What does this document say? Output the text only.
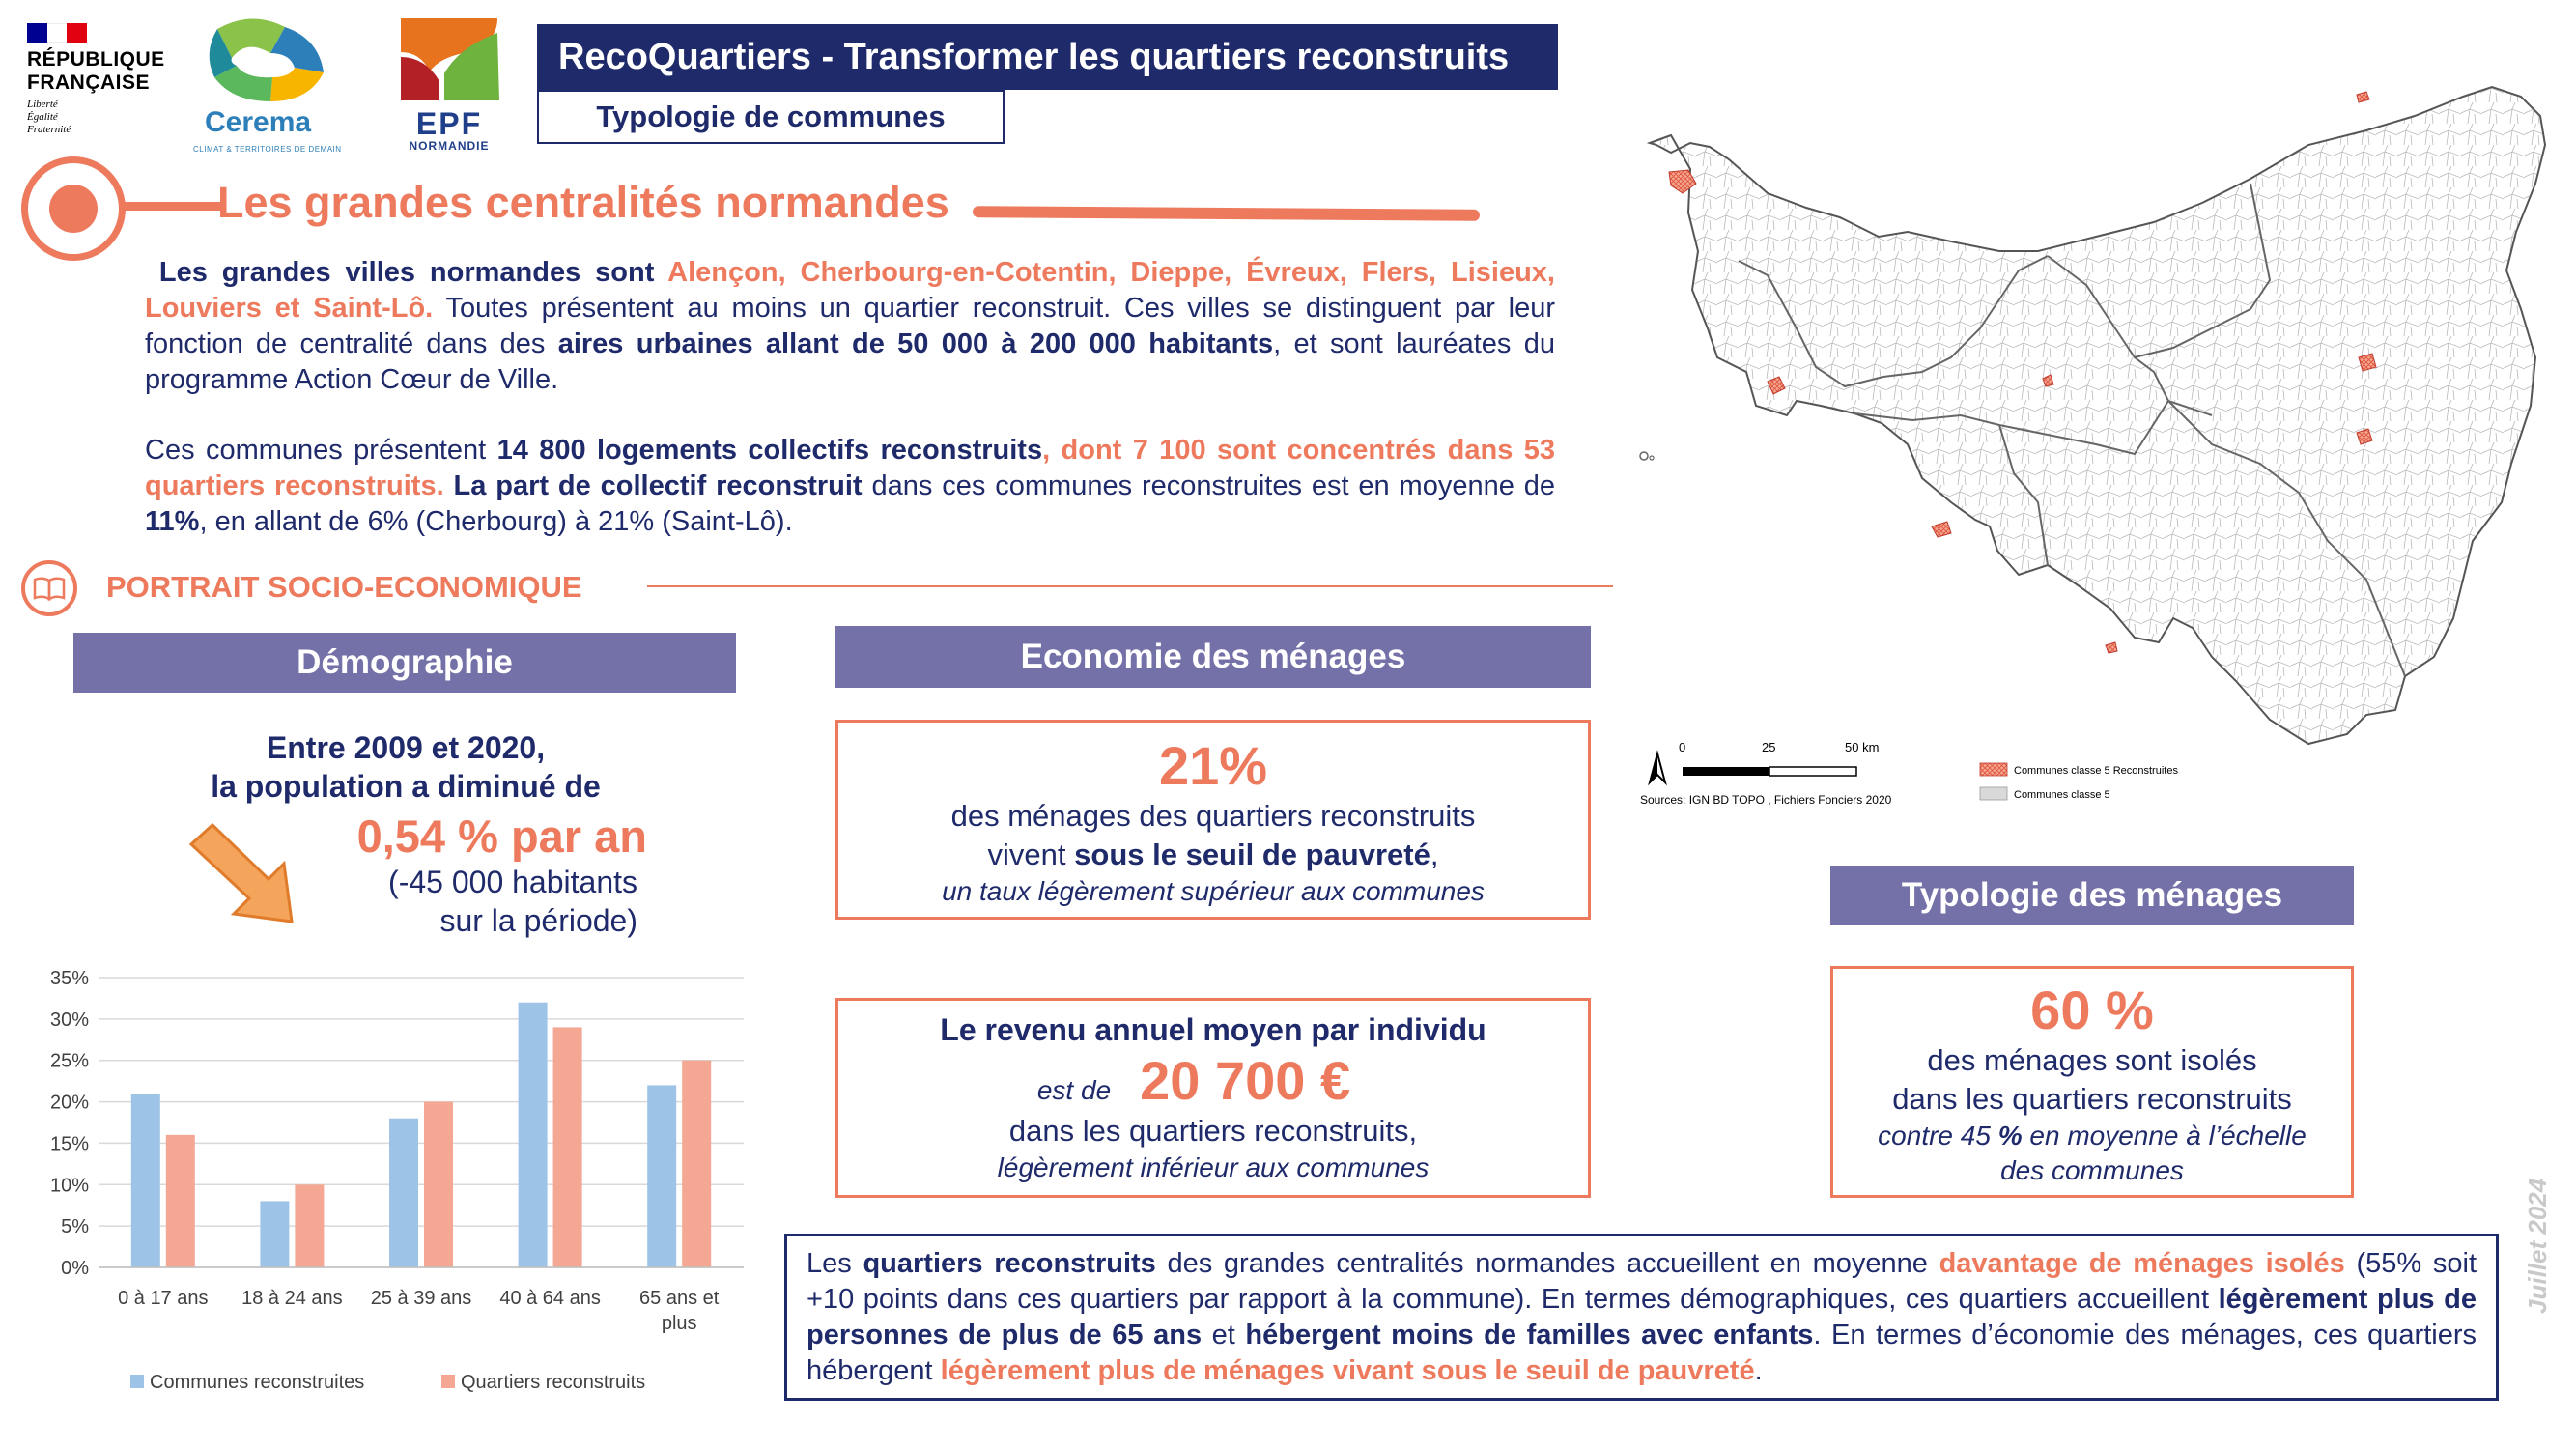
RÉPUBLIQUE
FRANÇAISE
Liberté
Égalité
Fraternité	Cerema
CLIMAT & TERRITOIRES DE DEMAIN
EPF
NORMANDIE
RecoQuartiers - Transformer les quartiers reconstruits
Typologie de communes
Les grandes centralités normandes
Les grandes villes normandes sont Alençon, Cherbourg-en-Cotentin, Dieppe, Évreux, Flers, Lisieux, Louviers et Saint-Lô. Toutes présentent au moins un quartier reconstruit. Ces villes se distinguent par leur fonction de centralité dans des aires urbaines allant de 50 000 à 200 000 habitants, et sont lauréates du programme Action Cœur de Ville.
Ces communes présentent 14 800 logements collectifs reconstruits, dont 7 100 sont concentrés dans 53 quartiers reconstruits. La part de collectif reconstruit dans ces communes reconstruites est en moyenne de 11%, en allant de 6% (Cherbourg) à 21% (Saint-Lô).
PORTRAIT SOCIO-ECONOMIQUE
Démographie	Economie des ménages
Typologie des ménages
Entre 2009 et 2020,
la population a diminué de
0,54 % par an
(-45 000 habitants
sur la période)
0%
5%
10%
15%
20%
25%
30%
35%
0 à 17 ans 18 à 24 ans 25 à 39 ans 40 à 64 ans 65 ans et
plus
Communes reconstruites	Quartiers reconstruits
21%
des ménages des quartiers reconstruits
vivent sous le seuil de pauvreté,
un taux légèrement supérieur aux communes
Le revenu annuel moyen par individu
est de 20 700 €
dans les quartiers reconstruits,
légèrement inférieur aux communes
60 %
des ménages sont isolés
dans les quartiers reconstruits
contre 45 % en moyenne à l’échelle
des communes
0	25	50 km
Sources: IGN BD TOPO , Fichiers Fonciers 2020
Communes classe 5 Reconstruites
Communes classe 5
Les quartiers reconstruits des grandes centralités normandes accueillent en moyenne davantage de ménages isolés (55% soit +10 points dans ces quartiers par rapport à la commune). En termes démographiques, ces quartiers accueillent légèrement plus de personnes de plus de 65 ans et hébergent moins de familles avec enfants. En termes d’économie des ménages, ces quartiers hébergent légèrement plus de ménages vivant sous le seuil de pauvreté.
Juillet 2024
